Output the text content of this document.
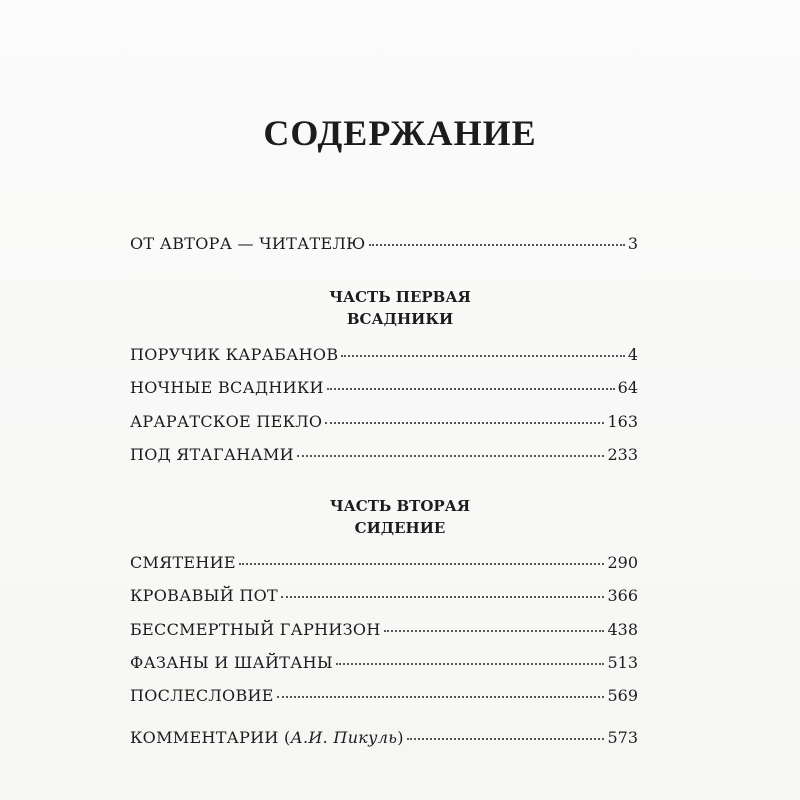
СОДЕРЖАНИЕ
ОТ АВТОРА — ЧИТАТЕЛЮ	3
ЧАСТЬ ПЕРВАЯ
ВСАДНИКИ
ПОРУЧИК КАРАБАНОВ	4
НОЧНЫЕ ВСАДНИКИ	64
АРАРАТСКОЕ ПЕКЛО	163
ПОД ЯТАГАНАМИ	233
ЧАСТЬ ВТОРАЯ
СИДЕНИЕ
СМЯТЕНИЕ	290
КРОВАВЫЙ ПОТ	366
БЕССМЕРТНЫЙ ГАРНИЗОН	438
ФАЗАНЫ И ШАЙТАНЫ	513
ПОСЛЕСЛОВИЕ	569
КОММЕНТАРИИ (А.И. Пикуль)	573
